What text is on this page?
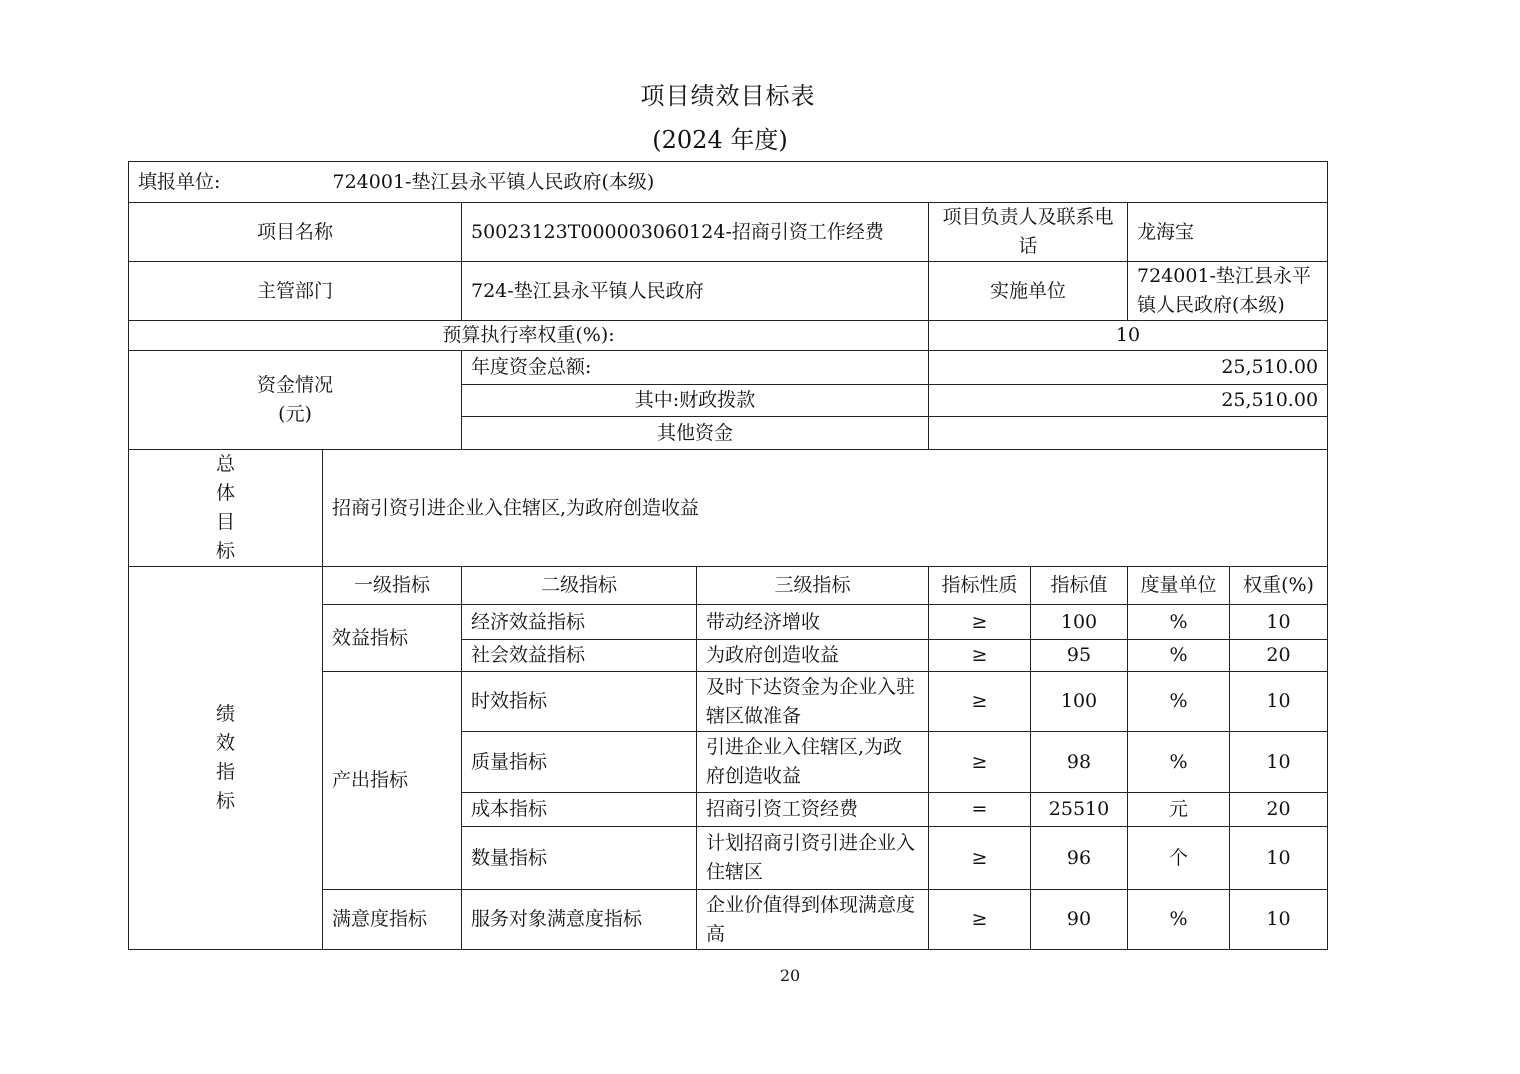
项目绩效目标表
(2024 年度)
填报单位: 724001-垫江县永平镇人民政府(本级)							
项目名称		50023123T000003060124-招商引资工作经费		项目负责人及联系电话		龙海宝	
主管部门		724-垫江县永平镇人民政府		实施单位		724001-垫江县永平镇人民政府(本级)	
预算执行率权重(%):				10			

资金情况
(元)		年度资金总额:		25,510.00			
		其中:财政拨款		25,510.00			
		其他资金					

总
体
目
标	招商引资引进企业入住辖区,为政府创造收益						

绩
效
指
标	一级指标	二级指标	三级指标	指标性质	指标值	度量单位	权重(%)
	效益指标	经济效益指标	带动经济增收	≥	100	%	10
		社会效益指标	为政府创造收益	≥	95	%	20
	产出指标	时效指标	及时下达资金为企业入驻辖区做准备	≥	100	%	10
		质量指标	引进企业入住辖区,为政府创造收益	≥	98	%	10
		成本指标	招商引资工资经费	=	25510	元	20
		数量指标	计划招商引资引进企业入住辖区	≥	96	个	10
	满意度指标	服务对象满意度指标	企业价值得到体现满意度高	≥	90	%	10
20
